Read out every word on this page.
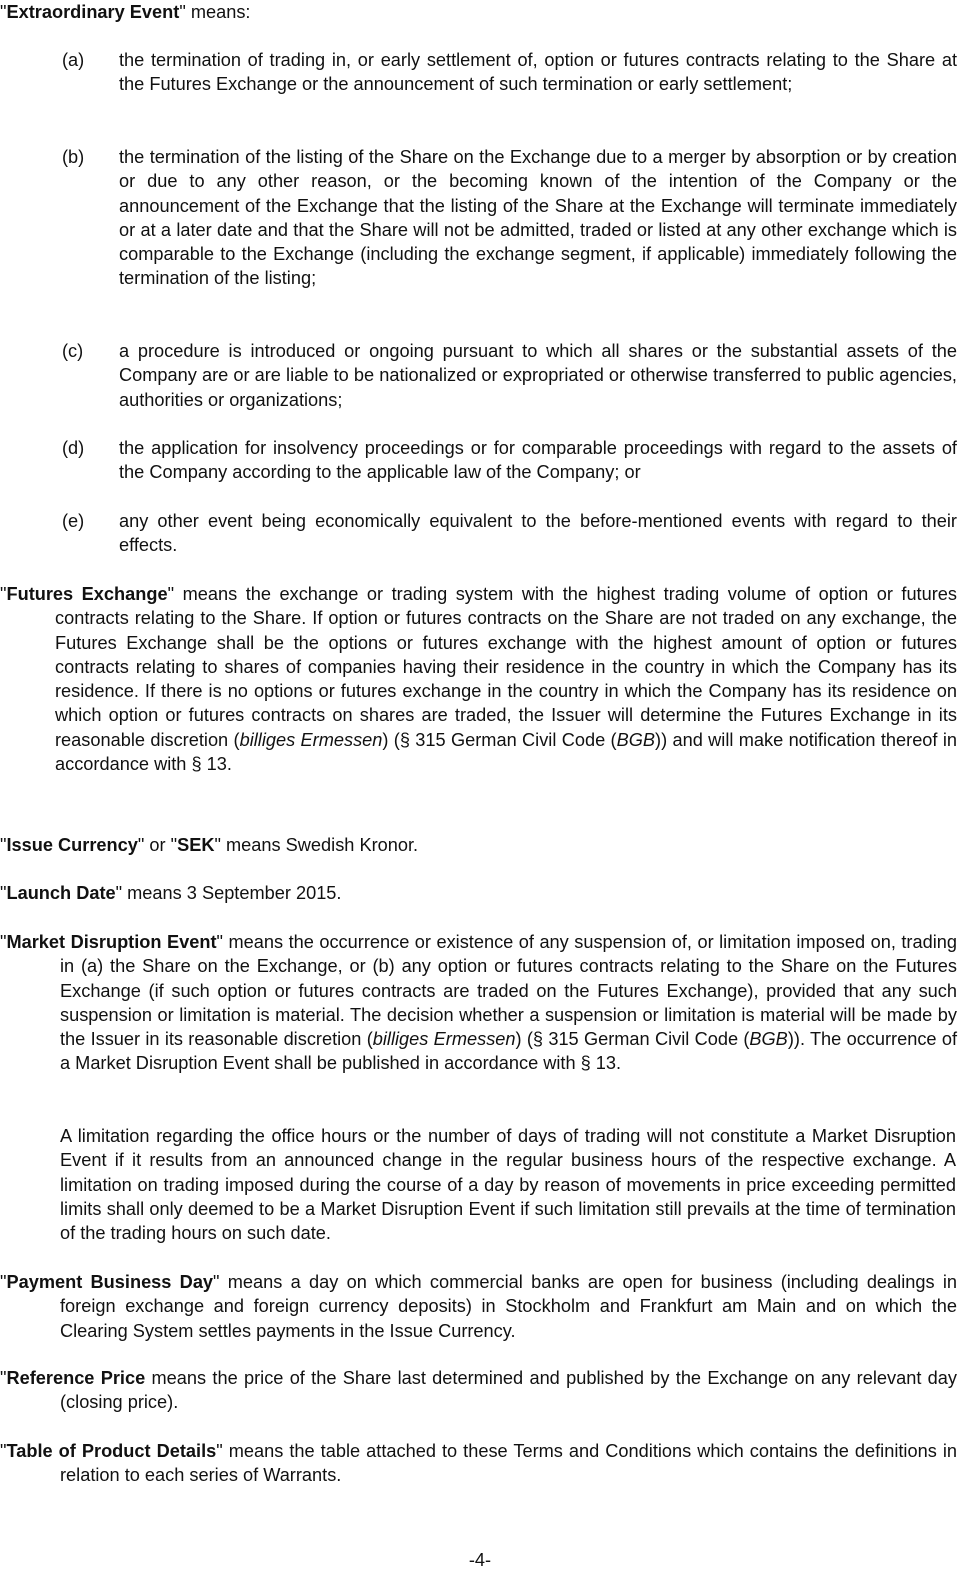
"Extraordinary Event" means:
(a) the termination of trading in, or early settlement of, option or futures contracts relating to the Share at the Futures Exchange or the announcement of such termination or early settlement;
(b) the termination of the listing of the Share on the Exchange due to a merger by absorption or by creation or due to any other reason, or the becoming known of the intention of the Company or the announcement of the Exchange that the listing of the Share at the Exchange will terminate immediately or at a later date and that the Share will not be admitted, traded or listed at any other exchange which is comparable to the Exchange (including the exchange segment, if applicable) immediately following the termination of the listing;
(c) a procedure is introduced or ongoing pursuant to which all shares or the substantial assets of the Company are or are liable to be nationalized or expropriated or otherwise transferred to public agencies, authorities or organizations;
(d) the application for insolvency proceedings or for comparable proceedings with regard to the assets of the Company according to the applicable law of the Company; or
(e) any other event being economically equivalent to the before-mentioned events with regard to their effects.
"Futures Exchange" means the exchange or trading system with the highest trading volume of option or futures contracts relating to the Share. If option or futures contracts on the Share are not traded on any exchange, the Futures Exchange shall be the options or futures exchange with the highest amount of option or futures contracts relating to shares of companies having their residence in the country in which the Company has its residence. If there is no options or futures exchange in the country in which the Company has its residence on which option or futures contracts on shares are traded, the Issuer will determine the Futures Exchange in its reasonable discretion (billiges Ermessen) (§ 315 German Civil Code (BGB)) and will make notification thereof in accordance with § 13.
"Issue Currency" or "SEK" means Swedish Kronor.
"Launch Date" means 3 September 2015.
"Market Disruption Event" means the occurrence or existence of any suspension of, or limitation imposed on, trading in (a) the Share on the Exchange, or (b) any option or futures contracts relating to the Share on the Futures Exchange (if such option or futures contracts are traded on the Futures Exchange), provided that any such suspension or limitation is material. The decision whether a suspension or limitation is material will be made by the Issuer in its reasonable discretion (billiges Ermessen) (§ 315 German Civil Code (BGB)). The occurrence of a Market Disruption Event shall be published in accordance with § 13.
A limitation regarding the office hours or the number of days of trading will not constitute a Market Disruption Event if it results from an announced change in the regular business hours of the respective exchange. A limitation on trading imposed during the course of a day by reason of movements in price exceeding permitted limits shall only deemed to be a Market Disruption Event if such limitation still prevails at the time of termination of the trading hours on such date.
"Payment Business Day" means a day on which commercial banks are open for business (including dealings in foreign exchange and foreign currency deposits) in Stockholm and Frankfurt am Main and on which the Clearing System settles payments in the Issue Currency.
"Reference Price means the price of the Share last determined and published by the Exchange on any relevant day (closing price).
"Table of Product Details" means the table attached to these Terms and Conditions which contains the definitions in relation to each series of Warrants.
-4-
